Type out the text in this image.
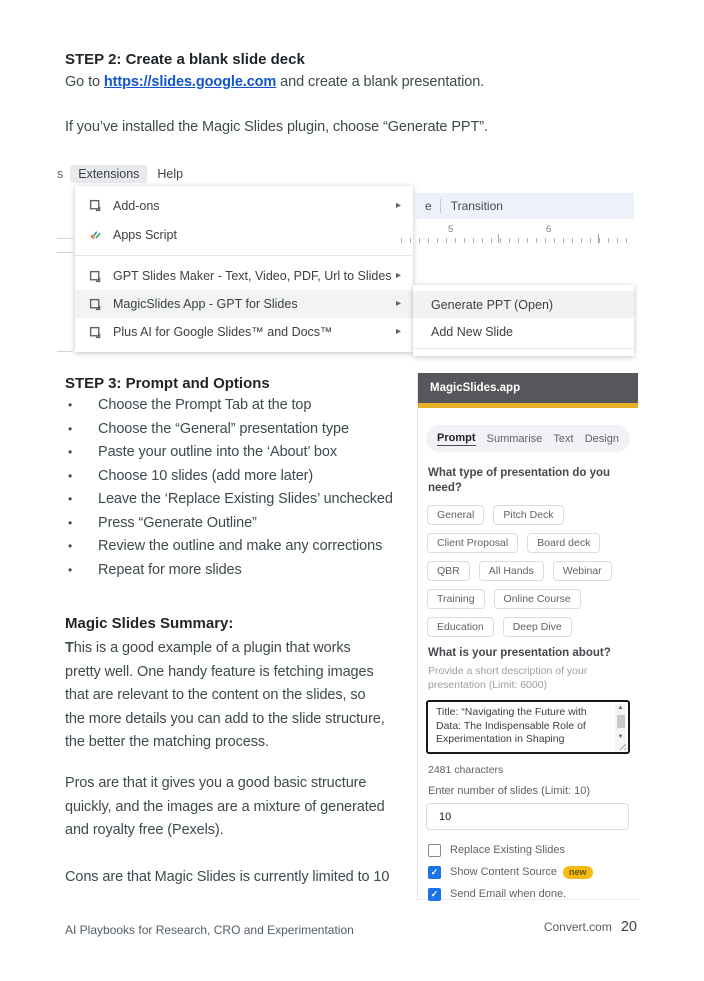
STEP 2: Create a blank slide deck
Go to https://slides.google.com and create a blank presentation.
If you’ve installed the Magic Slides plugin, choose “Generate PPT”.
s	Extensions	Help
Add-ons	▸
Apps Script
GPT Slides Maker - Text, Video, PDF, Url to Slides ▸
MagicSlides App - GPT for Slides	▸
Plus AI for Google Slides™ and Docs™	▸
e Transition
5	6
Generate PPT (Open)
Add New Slide
STEP 3: Prompt and Options
• Choose the Prompt Tab at the top
• Choose the “General” presentation type
• Paste your outline into the ‘About’ box
• Choose 10 slides (add more later)
• Leave the ‘Replace Existing Slides’ unchecked
• Press “Generate Outline”
• Review the outline and make any corrections
• Repeat for more slides
Magic Slides Summary:
This is a good example of a plugin that works
pretty well. One handy feature is fetching images
that are relevant to the content on the slides, so
the more details you can add to the slide structure,
the better the matching process.
Pros are that it gives you a good basic structure
quickly, and the images are a mixture of generated
and royalty free (Pexels).
Cons are that Magic Slides is currently limited to 10
MagicSlides.app
Prompt Summarise Text Design
What type of presentation do you
need?
General	Pitch Deck
Client Proposal	Board deck
QBR	All Hands	Webinar
Training	Online Course
Education	Deep Dive
What is your presentation about?
Provide a short description of your
presentation (Limit: 6000)
Title: “Navigating the Future with
Data: The Indispensable Role of
Experimentation in Shaping
▲
▼
2481 characters
Enter number of slides (Limit: 10)
10
Replace Existing Slides
✓
Show Content Source	new
✓
Send Email when done.
AI Playbooks for Research, CRO and Experimentation	Convert.com 20
